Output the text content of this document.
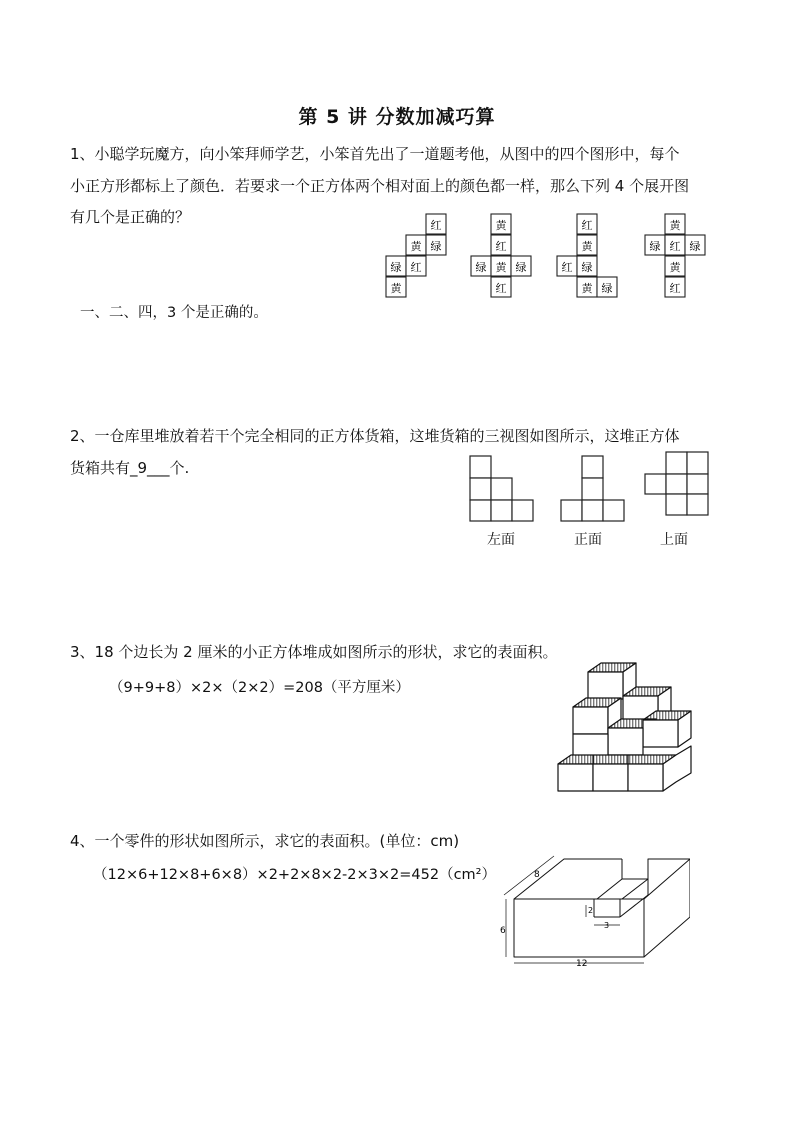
第 5 讲 分数加减巧算
1、小聪学玩魔方，向小笨拜师学艺，小笨首先出了一道题考他，从图中的四个图形中，每个
小正方形都标上了颜色．若要求一个正方体两个相对面上的颜色都一样，那么下列 4 个展开图
有几个是正确的？	红
黄 绿
绿 红
黄
黄
红
绿 黄 绿
红
红
黄
红 绿
黄 绿
黄
绿 红 绿
黄
红
一、二、四，3 个是正确的。
2、一仓库里堆放着若干个完全相同的正方体货箱，这堆货箱的三视图如图所示，这堆正方体
货箱共有_9___个.
左面	正面	上面
3、18 个边长为 2 厘米的小正方体堆成如图所示的形状，求它的表面积。
（9+9+8）×2×（2×2）=208（平方厘米）
4、一个零件的形状如图所示，求它的表面积。(单位：cm)
（12×6+12×8+6×8）×2+2×8×2-2×3×2=452（cm²）	8
2
3
6
12
